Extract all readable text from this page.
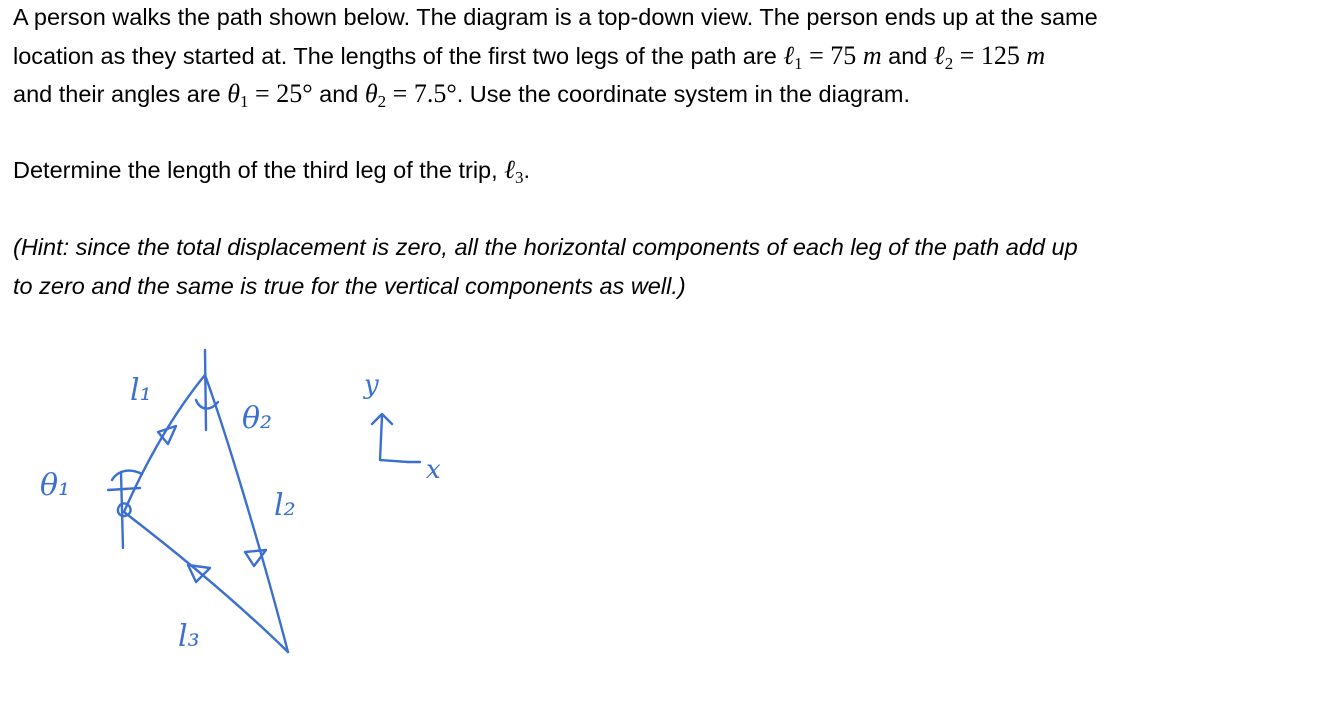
A person walks the path shown below. The diagram is a top-down view. The person ends up at the same
location as they started at. The lengths of the first two legs of the path are ℓ$_1$ = 75 m and ℓ$_2$ = 125 m
and their angles are $\theta_1 = 25^\circ$ and $\theta_2 = 7.5^\circ$. Use the coordinate system in the diagram.
Determine the length of the third leg of the trip, ℓ$_3$.
(Hint: since the total displacement is zero, all the horizontal components of each leg of the path add up
to zero and the same is true for the vertical components as well.)
l₁
l₂
l₃
θ₁
θ₂
y
x
